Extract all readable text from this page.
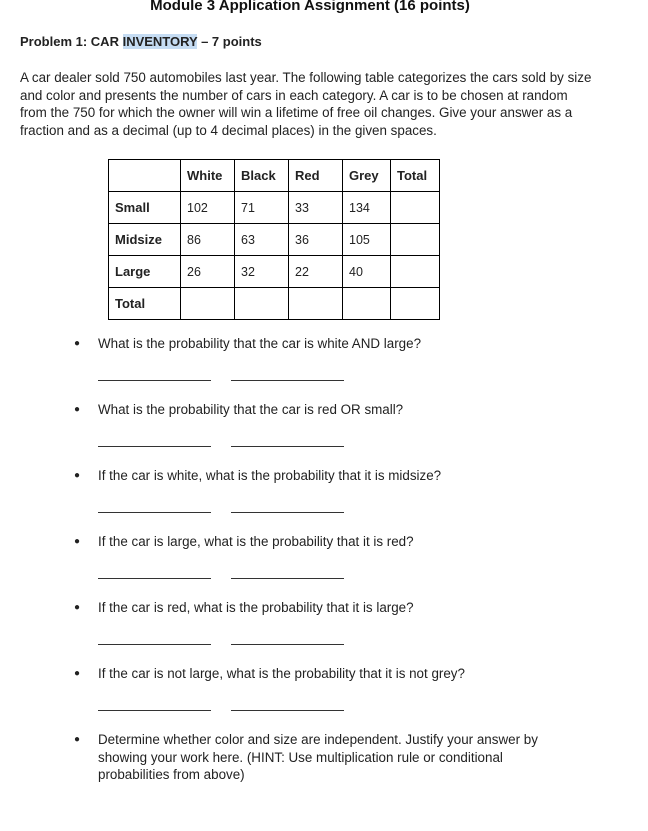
Module 3 Application Assignment (16 points)
Problem 1: CAR INVENTORY – 7 points
A car dealer sold 750 automobiles last year. The following table categorizes the cars sold by size and color and presents the number of cars in each category. A car is to be chosen at random from the 750 for which the owner will win a lifetime of free oil changes. Give your answer as a fraction and as a decimal (up to 4 decimal places) in the given spaces.
	White	Black	Red	Grey	Total
Small	102	71	33	134	
Midsize	86	63	36	105	
Large	26	32	22	40	
Total					
● What is the probability that the car is white AND large?
● What is the probability that the car is red OR small?
● If the car is white, what is the probability that it is midsize?
● If the car is large, what is the probability that it is red?
● If the car is red, what is the probability that it is large?
● If the car is not large, what is the probability that it is not grey?
● Determine whether color and size are independent. Justify your answer by showing your work here. (HINT: Use multiplication rule or conditional probabilities from above)
